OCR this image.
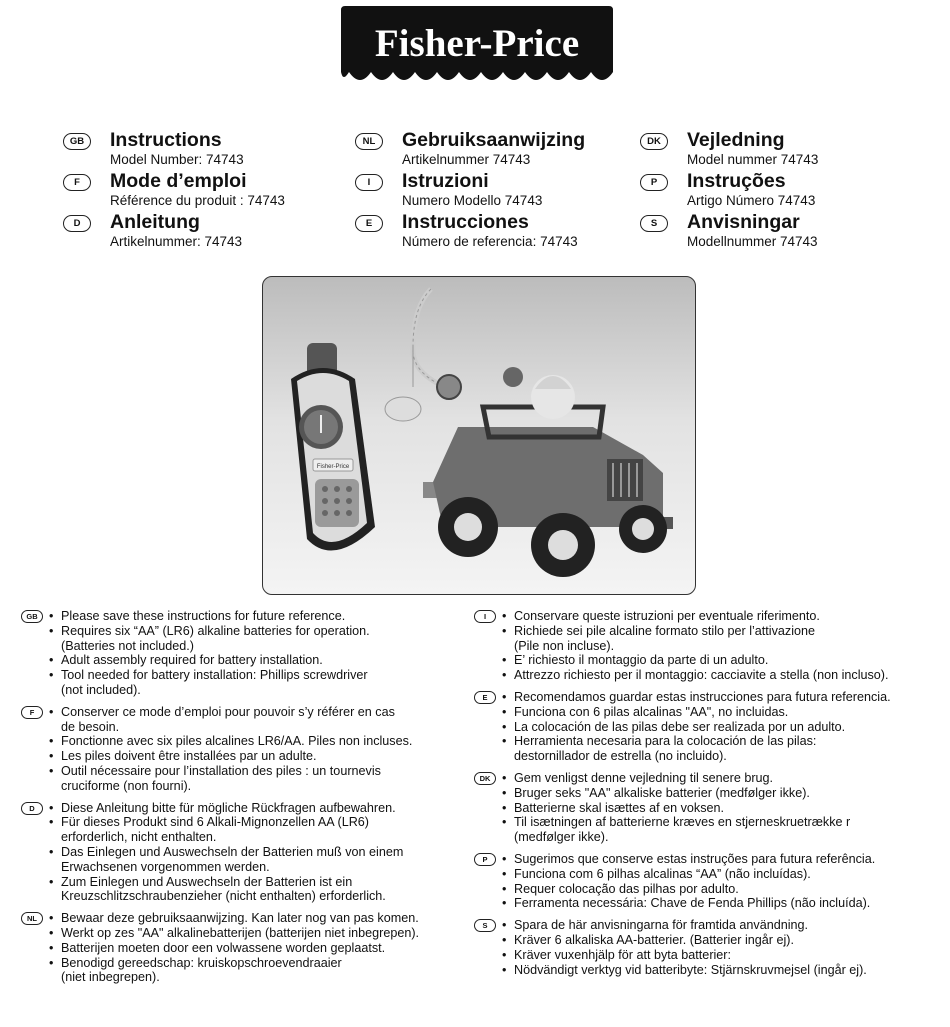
Fisher-Price
GB	Instructions
Model Number: 74743
F	Mode d’emploi
Référence du produit : 74743
D	Anleitung
Artikelnummer: 74743
NL	Gebruiksaanwijzing
Artikelnummer 74743
I	Istruzioni
Numero Modello 74743
E	Instrucciones
Número de referencia: 74743
DK	Vejledning
Model nummer 74743
P	Instruções
Artigo Número 74743
S	Anvisningar
Modellnummer 74743
Fisher-Price
GB	• Please save these instructions for future reference.
• Requires six “AA” (LR6) alkaline batteries for operation.
(Batteries not included.)
• Adult assembly required for battery installation.
• Tool needed for battery installation: Phillips screwdriver
(not included).
F	• Conserver ce mode d’emploi pour pouvoir s’y référer en cas
de besoin.
• Fonctionne avec six piles alcalines LR6/AA. Piles non incluses.
• Les piles doivent être installées par un adulte.
• Outil nécessaire pour l’installation des piles : un tournevis
cruciforme (non fourni).
D	• Diese Anleitung bitte für mögliche Rückfragen aufbewahren.
• Für dieses Produkt sind 6 Alkali-Mignonzellen AA (LR6)
erforderlich, nicht enthalten.
• Das Einlegen und Auswechseln der Batterien muß von einem
Erwachsenen vorgenommen werden.
• Zum Einlegen und Auswechseln der Batterien ist ein
Kreuzschlitzschraubenzieher (nicht enthalten) erforderlich.
NL	• Bewaar deze gebruiksaanwijzing. Kan later nog van pas komen.
• Werkt op zes "AA" alkalinebatterijen (batterijen niet inbegrepen).
• Batterijen moeten door een volwassene worden geplaatst.
• Benodigd gereedschap: kruiskopschroevendraaier
(niet inbegrepen).
I	• Conservare queste istruzioni per eventuale riferimento.
• Richiede sei pile alcaline formato stilo per l’attivazione
(Pile non incluse).
• E’ richiesto il montaggio da parte di un adulto.
• Attrezzo richiesto per il montaggio: cacciavite a stella (non incluso).
E	• Recomendamos guardar estas instrucciones para futura referencia.
• Funciona con 6 pilas alcalinas "AA", no incluidas.
• La colocación de las pilas debe ser realizada por un adulto.
• Herramienta necesaria para la colocación de las pilas:
destornillador de estrella (no incluido).
DK	• Gem venligst denne vejledning til senere brug.
• Bruger seks "AA" alkaliske batterier (medfølger ikke).
• Batterierne skal isættes af en voksen.
• Til isætningen af batterierne kræves en stjerneskruetrække r
(medfølger ikke).
P	• Sugerimos que conserve estas instruções para futura referência.
• Funciona com 6 pilhas alcalinas “AA” (não incluídas).
• Requer colocação das pilhas por adulto.
• Ferramenta necessária: Chave de Fenda Phillips (não incluída).
S	• Spara de här anvisningarna för framtida användning.
• Kräver 6 alkaliska AA-batterier. (Batterier ingår ej).
• Kräver vuxenhjälp för att byta batterier:
• Nödvändigt verktyg vid batteribyte: Stjärnskruvmejsel (ingår ej).
